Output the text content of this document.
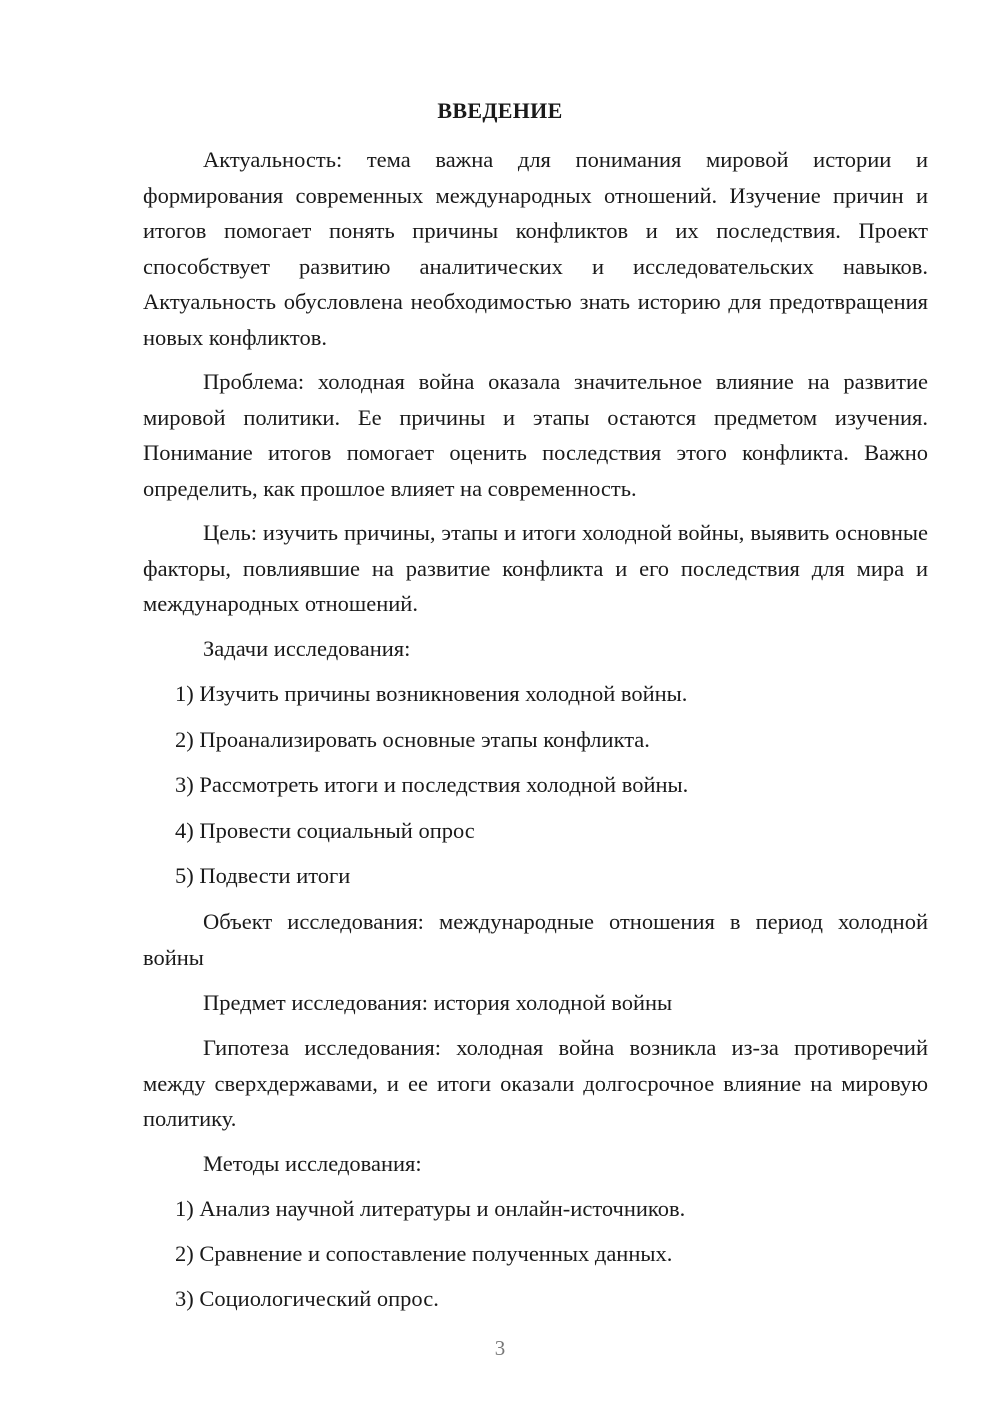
ВВЕДЕНИЕ

Актуальность: тема важна для понимания мировой истории и формирования современных международных отношений. Изучение причин и итогов помогает понять причины конфликтов и их последствия. Проект способствует развитию аналитических и исследовательских навыков. Актуальность обусловлена необходимостью знать историю для предотвращения новых конфликтов.

Проблема: холодная война оказала значительное влияние на развитие мировой политики. Ее причины и этапы остаются предметом изучения. Понимание итогов помогает оценить последствия этого конфликта. Важно определить, как прошлое влияет на современность.

Цель: изучить причины, этапы и итоги холодной войны, выявить основные факторы, повлиявшие на развитие конфликта и его последствия для мира и международных отношений.

Задачи исследования:

1) Изучить причины возникновения холодной войны.

2) Проанализировать основные этапы конфликта.

3) Рассмотреть итоги и последствия холодной войны.

4) Провести социальный опрос

5) Подвести итоги

Объект исследования: международные отношения в период холодной войны

Предмет исследования: история холодной войны

Гипотеза исследования: холодная война возникла из-за противоречий между сверхдержавами, и ее итоги оказали долгосрочное влияние на мировую политику.

Методы исследования:

1) Анализ научной литературы и онлайн-источников.

2) Сравнение и сопоставление полученных данных.

3) Социологический опрос.

3
